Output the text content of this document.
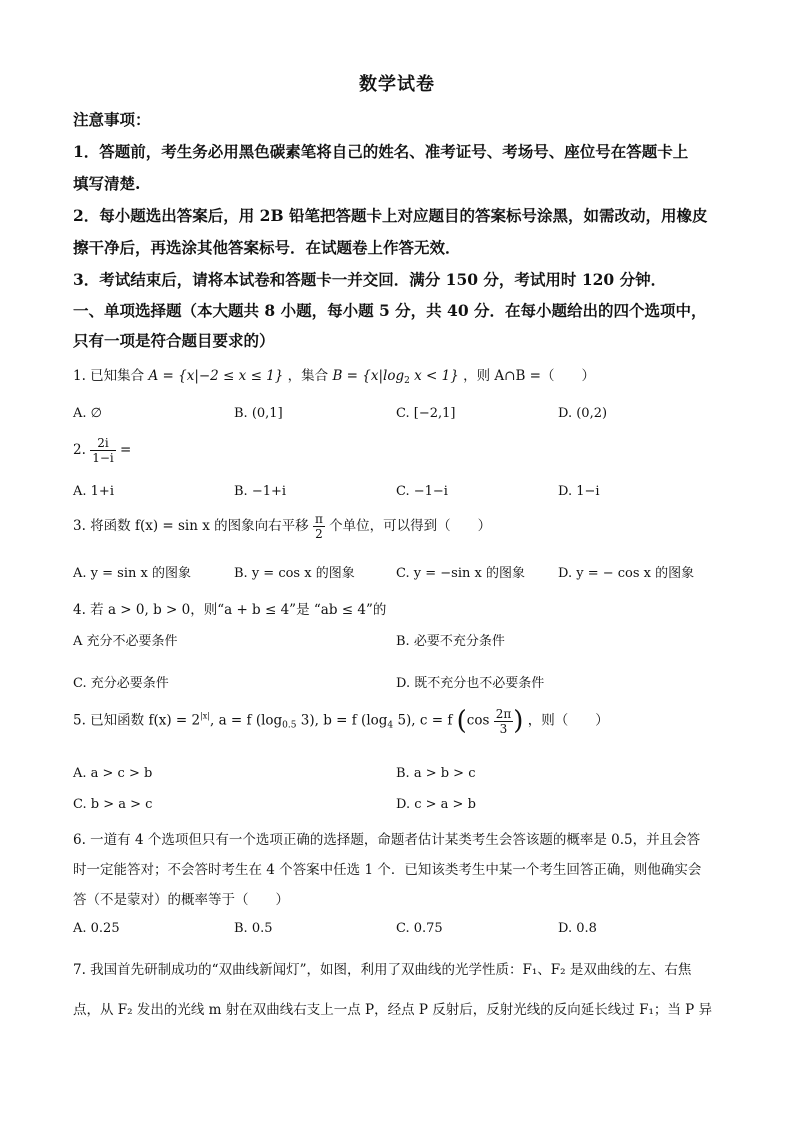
数学试卷
注意事项：
1．答题前，考生务必用黑色碳素笔将自己的姓名、准考证号、考场号、座位号在答题卡上
填写清楚.
2．每小题选出答案后，用 2B 铅笔把答题卡上对应题目的答案标号涂黑，如需改动，用橡皮
擦干净后，再选涂其他答案标号．在试题卷上作答无效．
3．考试结束后，请将本试卷和答题卡一并交回．满分 150 分，考试用时 120 分钟．
一、单项选择题（本大题共 8 小题，每小题 5 分，共 40 分．在每小题给出的四个选项中，
只有一项是符合题目要求的）
1. 已知集合 A = {x|−2 ≤ x ≤ 1} ，集合 $B = \{x|\log_2$ x < 1} ，则 A∩B =（　　）
A. ∅	B. (0,1]	C. [−2,1]	D. (0,2)
2. $\frac{2i}{1-i}$ =
A. 1+i	B. −1+i	C. −1−i	D. 1−i
3. 将函数 f(x) = sin x 的图象向右平移 $\frac{\pi}{2}$ 个单位，可以得到（　　）
A. y = sin x 的图象	B. y = cos x 的图象	C. y = −sin x 的图象	D. y = − cos x 的图象
4. 若 a > 0, b > 0，则“a + b ≤ 4”是 “ab ≤ 4”的
A 充分不必要条件	B. 必要不充分条件
C. 充分必要条件	D. 既不充分也不必要条件
5. 已知函数 $f(x) = 2^{|x|}$, a = f ($\log_{0.5}$ 3), b = f ($\log_4$ 5), c = f ($\cos \frac{2\pi}{3}$ ) ，则（　　）
A. a > c > b	B. a > b > c
C. b > a > c	D. c > a > b
6. 一道有 4 个选项但只有一个选项正确的选择题，命题者估计某类考生会答该题的概率是 0.5，并且会答
时一定能答对；不会答时考生在 4 个答案中任选 1 个．已知该类考生中某一个考生回答正确，则他确实会
答（不是蒙对）的概率等于（　　）
A. 0.25	B. 0.5	C. 0.75	D. 0.8
7. 我国首先研制成功的“双曲线新闻灯”，如图，利用了双曲线的光学性质：F₁、F₂ 是双曲线的左、右焦
点，从 F₂ 发出的光线 m 射在双曲线右支上一点 P，经点 P 反射后，反射光线的反向延长线过 F₁；当 P 异
